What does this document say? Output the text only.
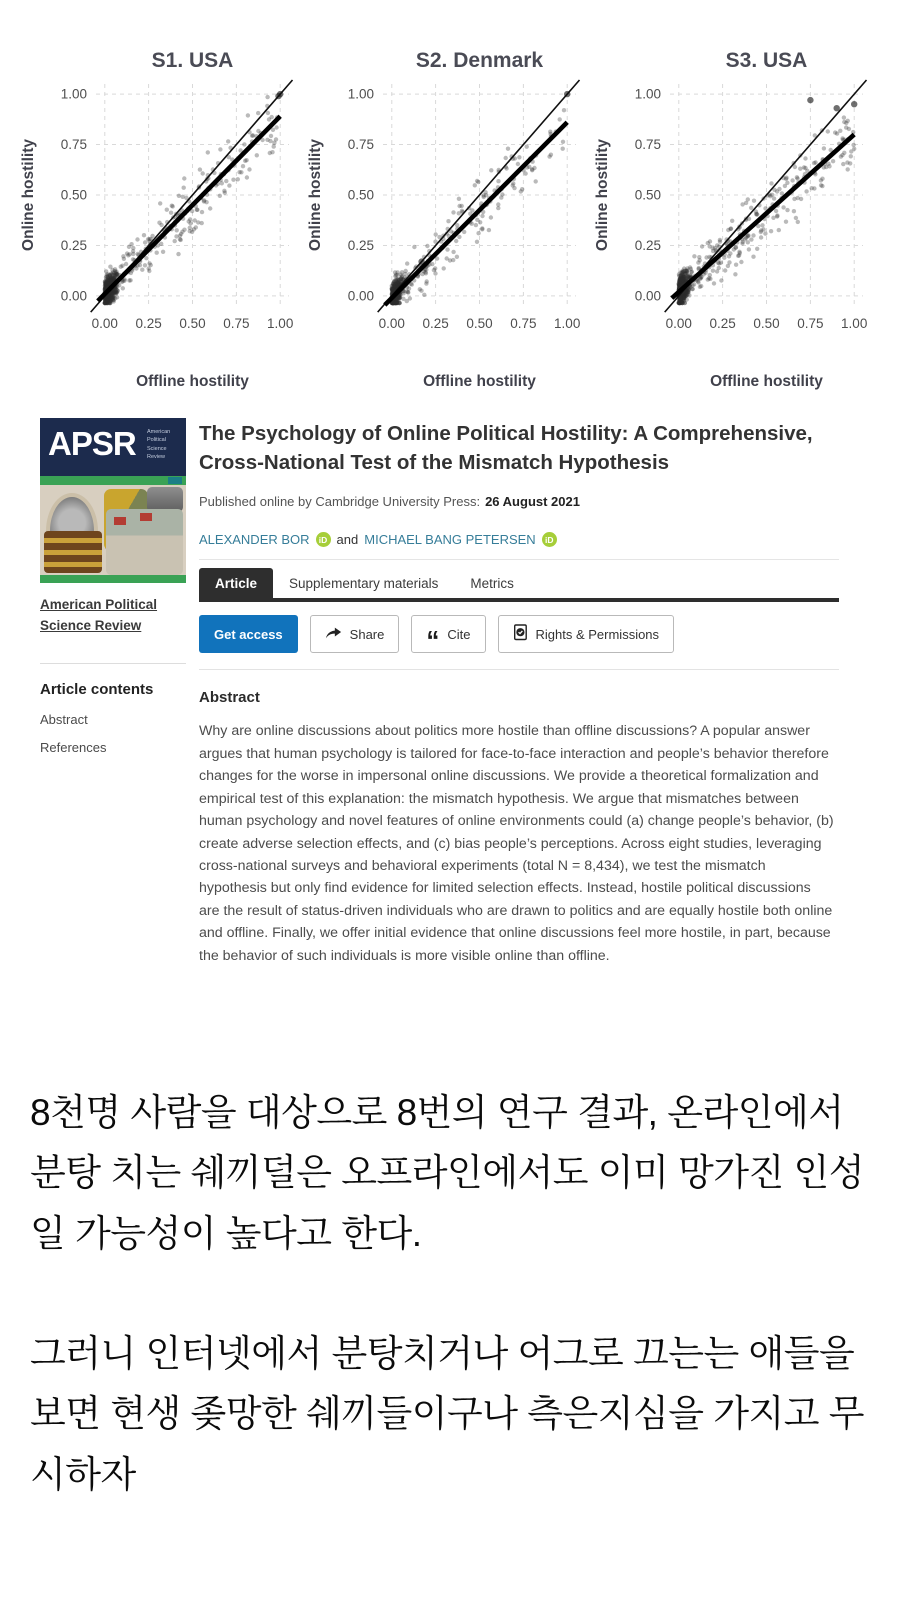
0.00
0.00
0.25
0.25
0.50
0.50
0.75
0.75
1.00
1.00
S1. USA
Offline hostility
Online hostility
0.00
0.00
0.25
0.25
0.50
0.50
0.75
0.75
1.00
1.00
S2. Denmark
Offline hostility
Online hostility
0.00
0.00
0.25
0.25
0.50
0.50
0.75
0.75
1.00
1.00
S3. USA
Offline hostility
Online hostility
APSR American Political Science Review
American Political Science Review
Article contents
Abstract
References
The Psychology of Online Political Hostility: A Comprehensive, Cross-National Test of the Mismatch Hypothesis
Published online by Cambridge University Press: 26 August 2021
ALEXANDER BOR	iD and MICHAEL BANG PETERSEN	iD
Article	Supplementary materials	Metrics
Get access	Share “ Cite	Rights & Permissions
Abstract

Why are online discussions about politics more hostile than offline discussions? A popular answer argues that human psychology is tailored for face-to-face interaction and people’s behavior therefore changes for the worse in impersonal online discussions. We provide a theoretical formalization and empirical test of this explanation: the mismatch hypothesis. We argue that mismatches between human psychology and novel features of online environments could (a) change people’s behavior, (b) create adverse selection effects, and (c) bias people’s perceptions. Across eight studies, leveraging cross-national surveys and behavioral experiments (total N = 8,434), we test the mismatch hypothesis but only find evidence for limited selection effects. Instead, hostile political discussions are the result of status-driven individuals who are drawn to politics and are equally hostile both online and offline. Finally, we offer initial evidence that online discussions feel more hostile, in part, because the behavior of such individuals is more visible online than offline.

8천명 사람을 대상으로 8번의 연구 결과, 온라인에서 분탕 치는 쉐끼덜은 오프라인에서도 이미 망가진 인성일 가능성이 높다고 한다.

그러니 인터넷에서 분탕치거나 어그로 끄는는 애들을 보면 현생 좆망한 쉐끼들이구나 측은지심을 가지고 무시하자
